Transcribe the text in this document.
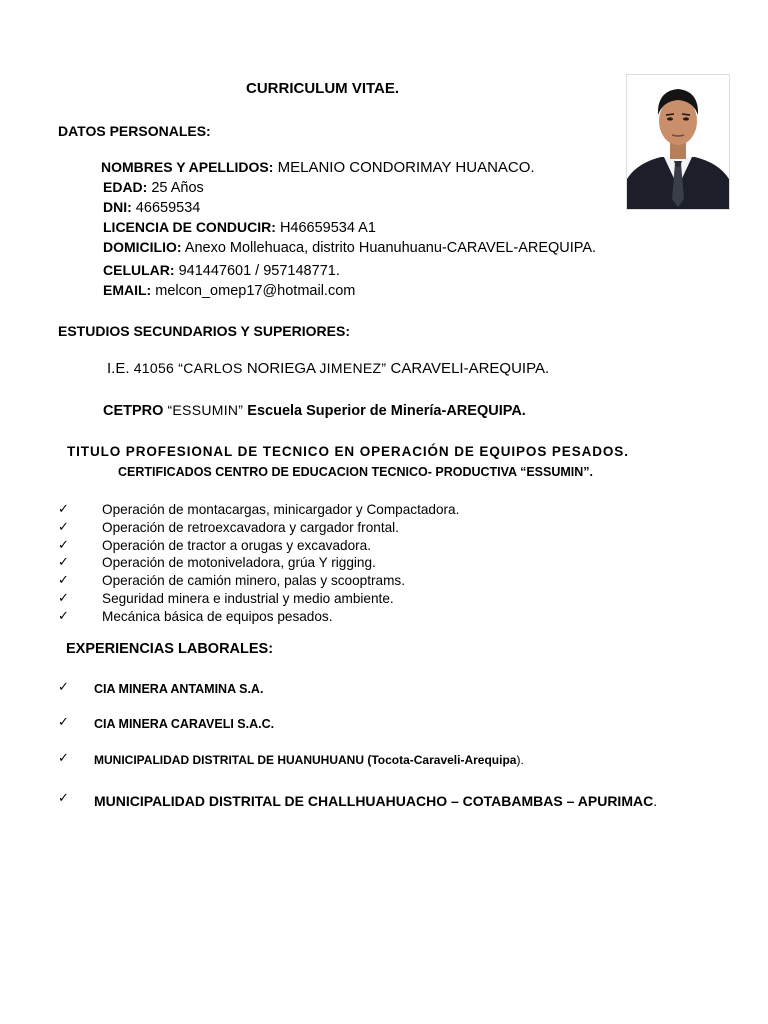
CURRICULUM VITAE.
DATOS PERSONALES:
NOMBRES Y APELLIDOS: MELANIO CONDORIMAY HUANACO.
EDAD: 25 Años
DNI: 46659534
LICENCIA DE CONDUCIR: H46659534 A1
DOMICILIO: Anexo Mollehuaca, distrito Huanuhuanu-CARAVEL-AREQUIPA.
CELULAR: 941447601 / 957148771.
EMAIL: melcon_omep17@hotmail.com
ESTUDIOS SECUNDARIOS Y SUPERIORES:
I.E. 41056 “CARLOS NORIEGA JIMENEZ” CARAVELI-AREQUIPA.
CETPRO “ESSUMIN” Escuela Superior de Minería-AREQUIPA.
TITULO PROFESIONAL DE TECNICO EN OPERACIÓN DE EQUIPOS PESADOS.
CERTIFICADOS CENTRO DE EDUCACION TECNICO- PRODUCTIVA “ESSUMIN”.
✓ Operación de montacargas, minicargador y Compactadora.
✓ Operación de retroexcavadora y cargador frontal.
✓ Operación de tractor a orugas y excavadora.
✓ Operación de motoniveladora, grúa Y rigging.
✓ Operación de camión minero, palas y scooptrams.
✓ Seguridad minera e industrial y medio ambiente.
✓ Mecánica básica de equipos pesados.
EXPERIENCIAS LABORALES:
✓ CIA MINERA ANTAMINA S.A.
✓ CIA MINERA CARAVELI S.A.C.
✓ MUNICIPALIDAD DISTRITAL DE HUANUHUANU (Tocota-Caraveli-Arequipa).
✓ MUNICIPALIDAD DISTRITAL DE CHALLHUAHUACHO – COTABAMBAS – APURIMAC.
